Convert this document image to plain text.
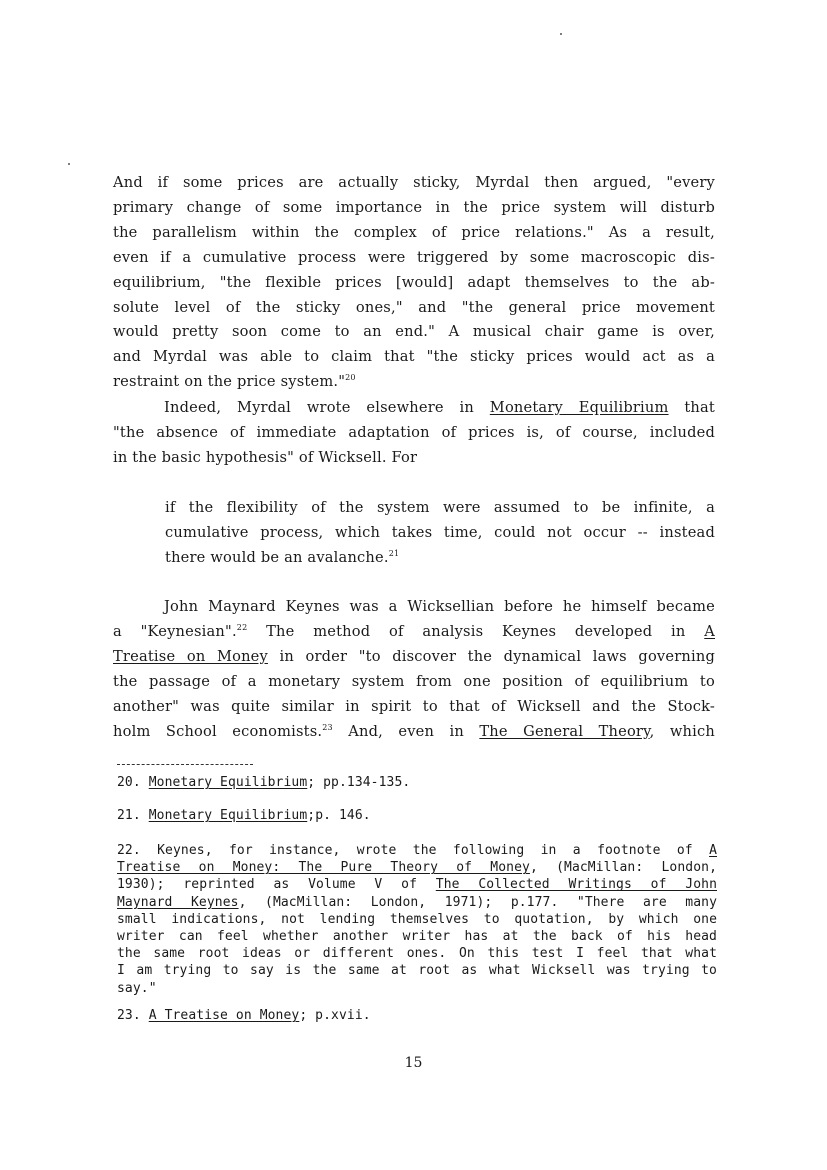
And if some prices are actually sticky, Myrdal then argued, "every
primary change of some importance in the price system will disturb
the parallelism within the complex of price relations." As a result,
even if a cumulative process were triggered by some macroscopic dis-
equilibrium, "the flexible prices [would] adapt themselves to the ab-
solute level of the sticky ones," and "the general price movement
would pretty soon come to an end." A musical chair game is over,
and Myrdal was able to claim that "the sticky prices would act as a
restraint on the price system."$^{20}$
Indeed, Myrdal wrote elsewhere in Monetary Equilibrium that
"the absence of immediate adaptation of prices is, of course, included
in the basic hypothesis" of Wicksell. For
if the flexibility of the system were assumed to be infinite, a
cumulative process, which takes time, could not occur -- instead
there would be an avalanche.$^{21}$
John Maynard Keynes was a Wicksellian before he himself became
a "Keynesian".$^{22}$ The method of analysis Keynes developed in A
Treatise on Money in order "to discover the dynamical laws governing
the passage of a monetary system from one position of equilibrium to
another" was quite similar in spirit to that of Wicksell and the Stock-
holm School economists.$^{23}$ And, even in The General Theory, which
20. Monetary Equilibrium; pp.134-135.
21. Monetary Equilibrium;p. 146.
22. Keynes, for instance, wrote the following in a footnote of A
Treatise on Money: The Pure Theory of Money, (MacMillan: London,
1930); reprinted as Volume V of The Collected Writings of John
Maynard Keynes, (MacMillan: London, 1971); p.177. "There are many
small indications, not lending themselves to quotation, by which one
writer can feel whether another writer has at the back of his head
the same root ideas or different ones. On this test I feel that what
I am trying to say is the same at root as what Wicksell was trying to
say."
23. A Treatise on Money; p.xvii.
15
